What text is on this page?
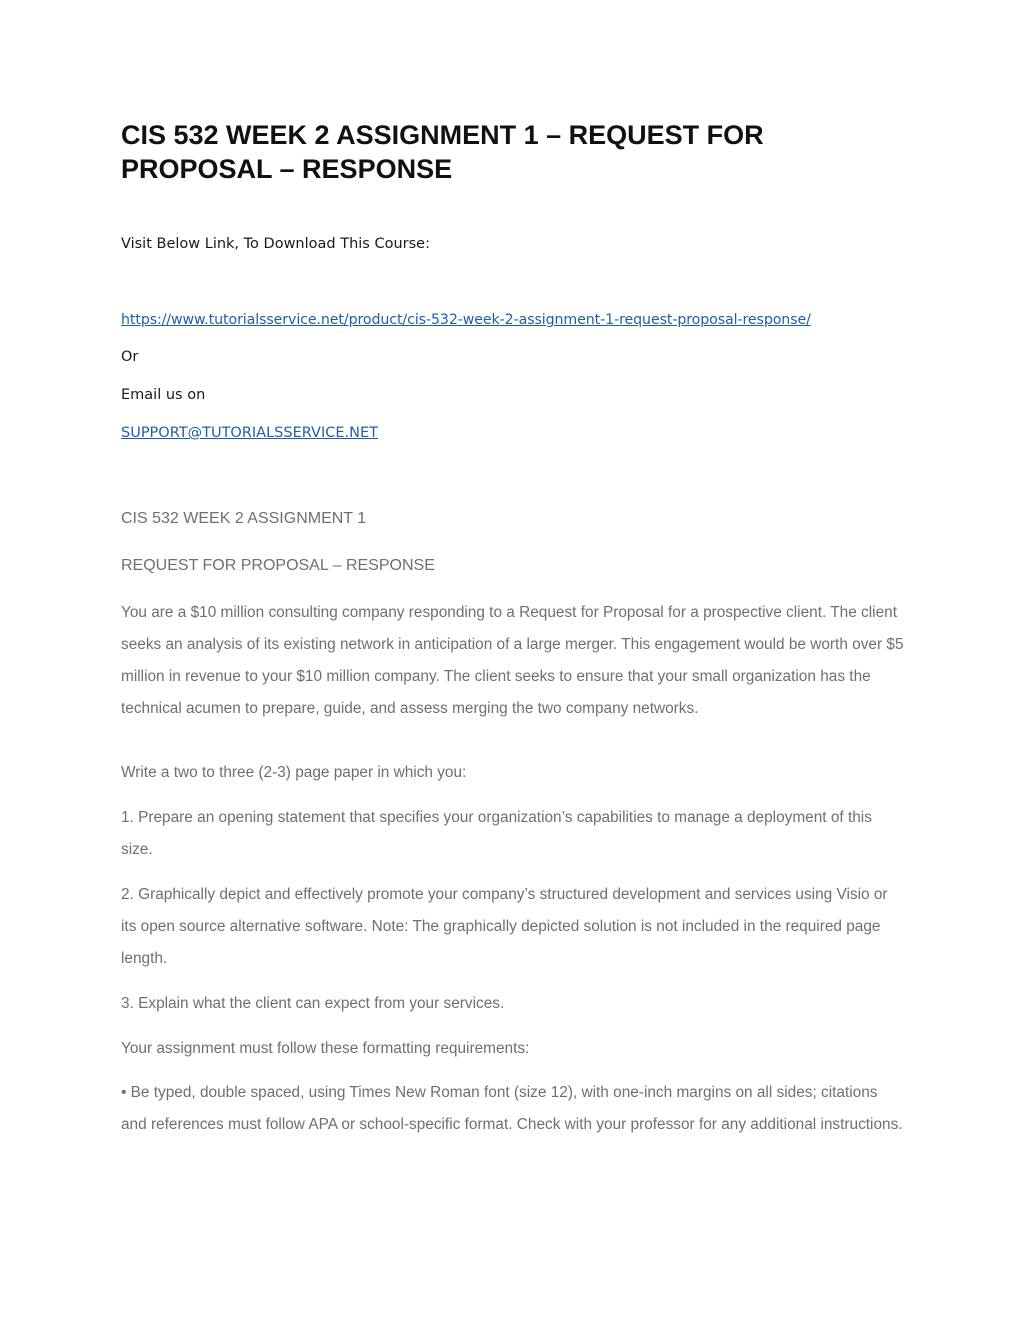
CIS 532 WEEK 2 ASSIGNMENT 1 – REQUEST FOR PROPOSAL – RESPONSE

Visit Below Link, To Download This Course:

https://www.tutorialsservice.net/product/cis-532-week-2-assignment-1-request-proposal-response/

Or

Email us on

SUPPORT@TUTORIALSSERVICE.NET

CIS 532 WEEK 2 ASSIGNMENT 1

REQUEST FOR PROPOSAL – RESPONSE

You are a $10 million consulting company responding to a Request for Proposal for a prospective client. The client seeks an analysis of its existing network in anticipation of a large merger. This engagement would be worth over $5 million in revenue to your $10 million company. The client seeks to ensure that your small organization has the technical acumen to prepare, guide, and assess merging the two company networks.

Write a two to three (2-3) page paper in which you:

1. Prepare an opening statement that specifies your organization’s capabilities to manage a deployment of this size.

2. Graphically depict and effectively promote your company’s structured development and services using Visio or its open source alternative software. Note: The graphically depicted solution is not included in the required page length.

3. Explain what the client can expect from your services.

Your assignment must follow these formatting requirements:

• Be typed, double spaced, using Times New Roman font (size 12), with one-inch margins on all sides; citations and references must follow APA or school-specific format. Check with your professor for any additional instructions.
